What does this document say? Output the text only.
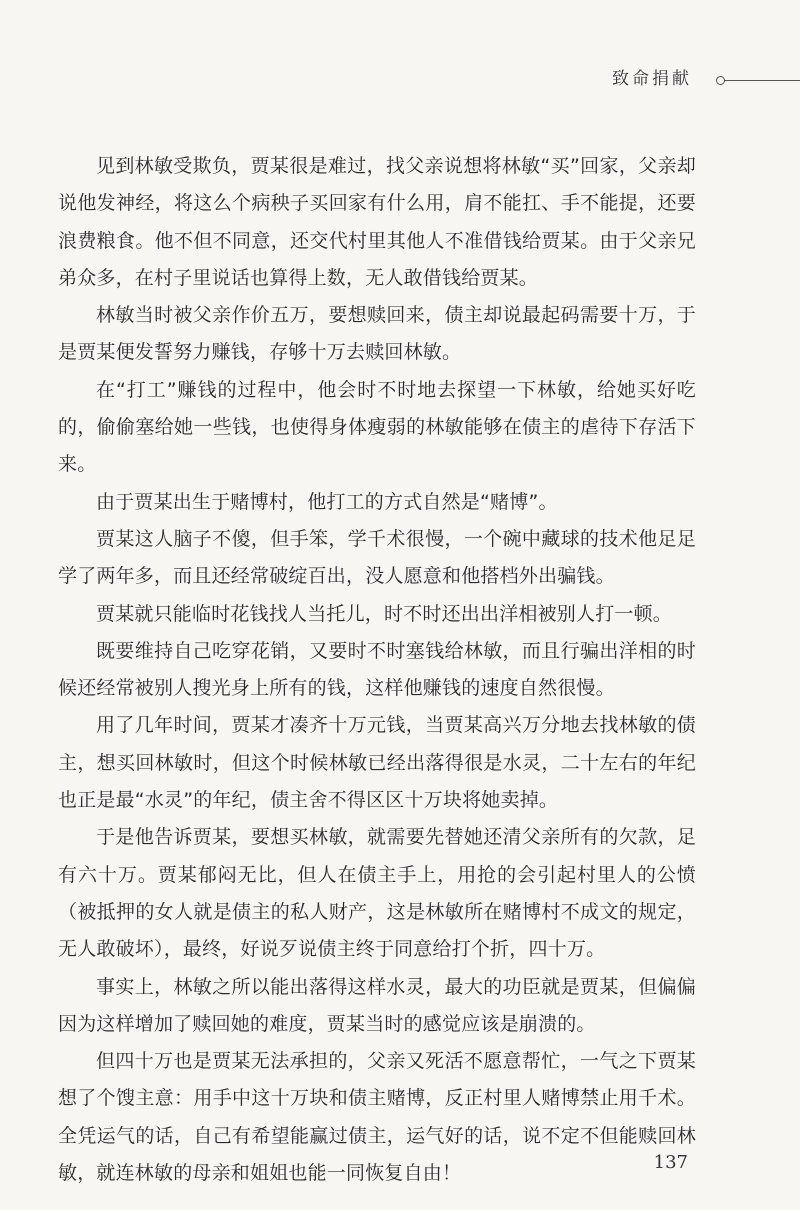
致命捐献

见到林敏受欺负，贾某很是难过，找父亲说想将林敏“买”回家，父亲却说他发神经，将这么个病秧子买回家有什么用，肩不能扛、手不能提，还要浪费粮食。他不但不同意，还交代村里其他人不准借钱给贾某。由于父亲兄弟众多，在村子里说话也算得上数，无人敢借钱给贾某。

林敏当时被父亲作价五万，要想赎回来，债主却说最起码需要十万，于是贾某便发誓努力赚钱，存够十万去赎回林敏。

在“打工”赚钱的过程中，他会时不时地去探望一下林敏，给她买好吃的，偷偷塞给她一些钱，也使得身体瘦弱的林敏能够在债主的虐待下存活下来。

由于贾某出生于赌博村，他打工的方式自然是“赌博”。

贾某这人脑子不傻，但手笨，学千术很慢，一个碗中藏球的技术他足足学了两年多，而且还经常破绽百出，没人愿意和他搭档外出骗钱。

贾某就只能临时花钱找人当托儿，时不时还出出洋相被别人打一顿。

既要维持自己吃穿花销，又要时不时塞钱给林敏，而且行骗出洋相的时候还经常被别人搜光身上所有的钱，这样他赚钱的速度自然很慢。

用了几年时间，贾某才凑齐十万元钱，当贾某高兴万分地去找林敏的债主，想买回林敏时，但这个时候林敏已经出落得很是水灵，二十左右的年纪也正是最“水灵”的年纪，债主舍不得区区十万块将她卖掉。

于是他告诉贾某，要想买林敏，就需要先替她还清父亲所有的欠款，足有六十万。贾某郁闷无比，但人在债主手上，用抢的会引起村里人的公愤（被抵押的女人就是债主的私人财产，这是林敏所在赌博村不成文的规定，无人敢破坏），最终，好说歹说债主终于同意给打个折，四十万。

事实上，林敏之所以能出落得这样水灵，最大的功臣就是贾某，但偏偏因为这样增加了赎回她的难度，贾某当时的感觉应该是崩溃的。

但四十万也是贾某无法承担的，父亲又死活不愿意帮忙，一气之下贾某想了个馊主意：用手中这十万块和债主赌博，反正村里人赌博禁止用千术。全凭运气的话，自己有希望能赢过债主，运气好的话，说不定不但能赎回林敏，就连林敏的母亲和姐姐也能一同恢复自由！	137
